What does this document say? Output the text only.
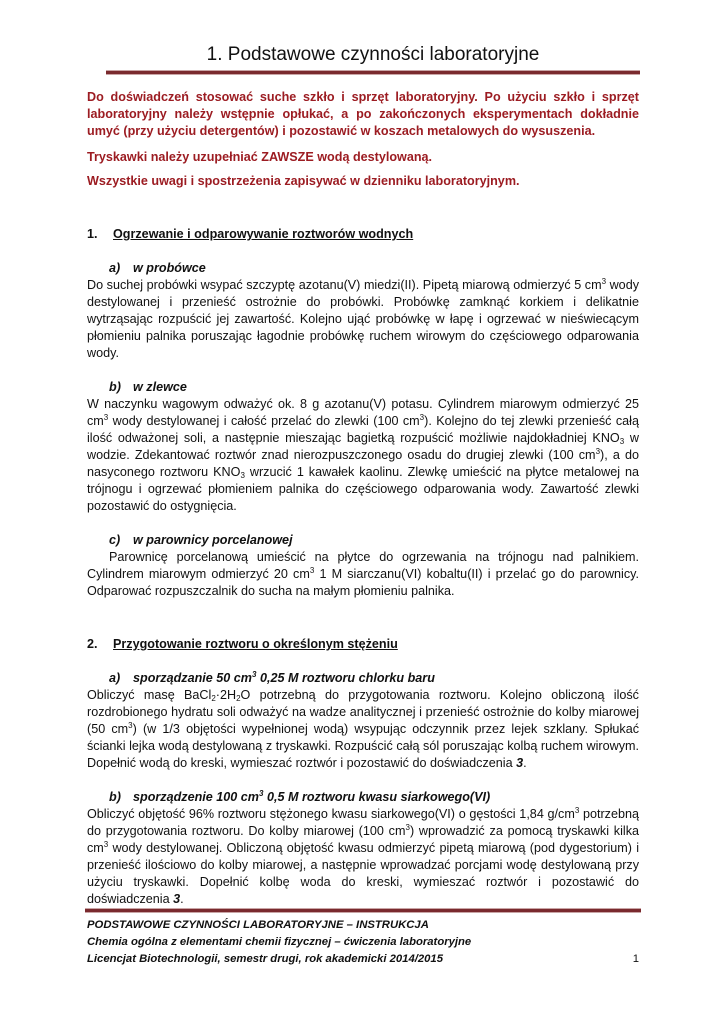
1. Podstawowe czynności laboratoryjne

Do doświadczeń stosować suche szkło i sprzęt laboratoryjny. Po użyciu szkło i sprzęt laboratoryjny należy wstępnie opłukać, a po zakończonych eksperymentach dokładnie umyć (przy użyciu detergentów) i pozostawić w koszach metalowych do wysuszenia.

Tryskawki należy uzupełniać ZAWSZE wodą destylowaną.

Wszystkie uwagi i spostrzeżenia zapisywać w dzienniku laboratoryjnym.

1. Ogrzewanie i odparowywanie roztworów wodnych
a) w probówce

Do suchej probówki wsypać szczyptę azotanu(V) miedzi(II). Pipetą miarową odmierzyć 5 $cm^3$ wody destylowanej i przenieść ostrożnie do probówki. Probówkę zamknąć korkiem i delikatnie wytrząsając rozpuścić jej zawartość. Kolejno ująć probówkę w łapę i ogrzewać w nieświecącym płomieniu palnika poruszając łagodnie probówkę ruchem wirowym do częściowego odparowania wody.

b) w zlewce

W naczynku wagowym odważyć ok. 8 g azotanu(V) potasu. Cylindrem miarowym odmierzyć 25 $cm^3$ wody destylowanej i całość przelać do zlewki (100 $cm^3$). Kolejno do tej zlewki przenieść całą ilość odważonej soli, a następnie mieszając bagietką rozpuścić możliwie najdokładniej $KNO_3$ w wodzie. Zdekantować roztwór znad nierozpuszczonego osadu do drugiej zlewki (100 $cm^3$), a do nasyconego roztworu $KNO_3$ wrzucić 1 kawałek kaolinu. Zlewkę umieścić na płytce metalowej na trójnogu i ogrzewać płomieniem palnika do częściowego odparowania wody. Zawartość zlewki pozostawić do ostygnięcia.

c) w parownicy porcelanowej

Parownicę porcelanową umieścić na płytce do ogrzewania na trójnogu nad palnikiem. Cylindrem miarowym odmierzyć 20 $cm^3$ 1 M siarczanu(VI) kobaltu(II) i przelać go do parownicy. Odparować rozpuszczalnik do sucha na małym płomieniu palnika.

2. Przygotowanie roztworu o określonym stężeniu
a) sporządzanie 50 $cm^3$ 0,25 M roztworu chlorku baru

Obliczyć masę $BaCl_2\cdot 2H_2O$ potrzebną do przygotowania roztworu. Kolejno obliczoną ilość rozdrobionego hydratu soli odważyć na wadze analitycznej i przenieść ostrożnie do kolby miarowej (50 $cm^3$) (w 1/3 objętości wypełnionej wodą) wsypując odczynnik przez lejek szklany. Spłukać ścianki lejka wodą destylowaną z tryskawki. Rozpuścić całą sól poruszając kolbą ruchem wirowym. Dopełnić wodą do kreski, wymieszać roztwór i pozostawić do doświadczenia 3.

b) sporządzenie 100 $cm^3$ 0,5 M roztworu kwasu siarkowego(VI)

Obliczyć objętość 96% roztworu stężonego kwasu siarkowego(VI) o gęstości 1,84 $g/cm^3$ potrzebną do przygotowania roztworu. Do kolby miarowej (100 $cm^3$) wprowadzić za pomocą tryskawki kilka $cm^3$ wody destylowanej. Obliczoną objętość kwasu odmierzyć pipetą miarową (pod dygestorium) i przenieść ilościowo do kolby miarowej, a następnie wprowadzać porcjami wodę destylowaną przy użyciu tryskawki. Dopełnić kolbę woda do kreski, wymieszać roztwór i pozostawić do doświadczenia 3.

PODSTAWOWE CZYNNOŚCI LABORATORYJNE – INSTRUKCJA
Chemia ogólna z elementami chemii fizycznej – ćwiczenia laboratoryjne
Licencjat Biotechnologii, semestr drugi, rok akademicki 2014/2015	1
